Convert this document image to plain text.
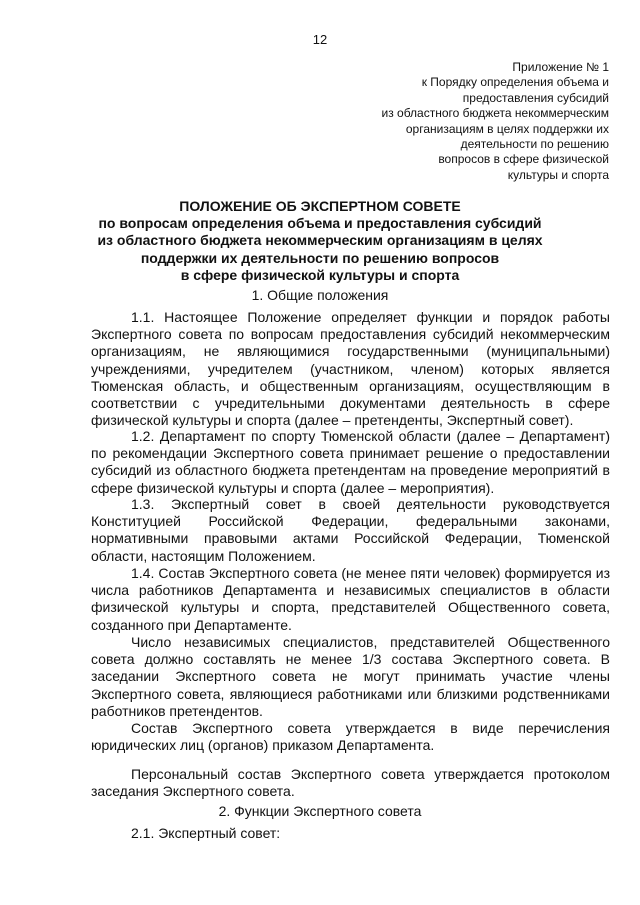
12
Приложение № 1
к Порядку определения объема и
предоставления субсидий
из областного бюджета некоммерческим
организациям в целях поддержки их
деятельности по решению
вопросов в сфере физической
культуры и спорта
ПОЛОЖЕНИЕ ОБ ЭКСПЕРТНОМ СОВЕТЕ
по вопросам определения объема и предоставления субсидий
из областного бюджета некоммерческим организациям в целях
поддержки их деятельности по решению вопросов
в сфере физической культуры и спорта
1. Общие положения
1.1. Настоящее Положение определяет функции и порядок работы
Экспертного совета по вопросам предоставления субсидий некоммерческим
организациям, не являющимися государственными (муниципальными)
учреждениями, учредителем (участником, членом) которых является
Тюменская область, и общественным организациям, осуществляющим в
соответствии с учредительными документами деятельность в сфере
физической культуры и спорта (далее – претенденты, Экспертный совет).
1.2. Департамент по спорту Тюменской области (далее – Департамент)
по рекомендации Экспертного совета принимает решение о предоставлении
субсидий из областного бюджета претендентам на проведение мероприятий в
сфере физической культуры и спорта (далее – мероприятия).
1.3. Экспертный совет в своей деятельности руководствуется
Конституцией Российской Федерации, федеральными законами,
нормативными правовыми актами Российской Федерации, Тюменской
области, настоящим Положением.
1.4. Состав Экспертного совета (не менее пяти человек) формируется из
числа работников Департамента и независимых специалистов в области
физической культуры и спорта, представителей Общественного совета,
созданного при Департаменте.
Число независимых специалистов, представителей Общественного
совета должно составлять не менее 1/3 состава Экспертного совета. В
заседании Экспертного совета не могут принимать участие члены
Экспертного совета, являющиеся работниками или близкими родственниками
работников претендентов.
Состав Экспертного совета утверждается в виде перечисления
юридических лиц (органов) приказом Департамента.
Персональный состав Экспертного совета утверждается протоколом
заседания Экспертного совета.
2. Функции Экспертного совета
2.1. Экспертный совет:
